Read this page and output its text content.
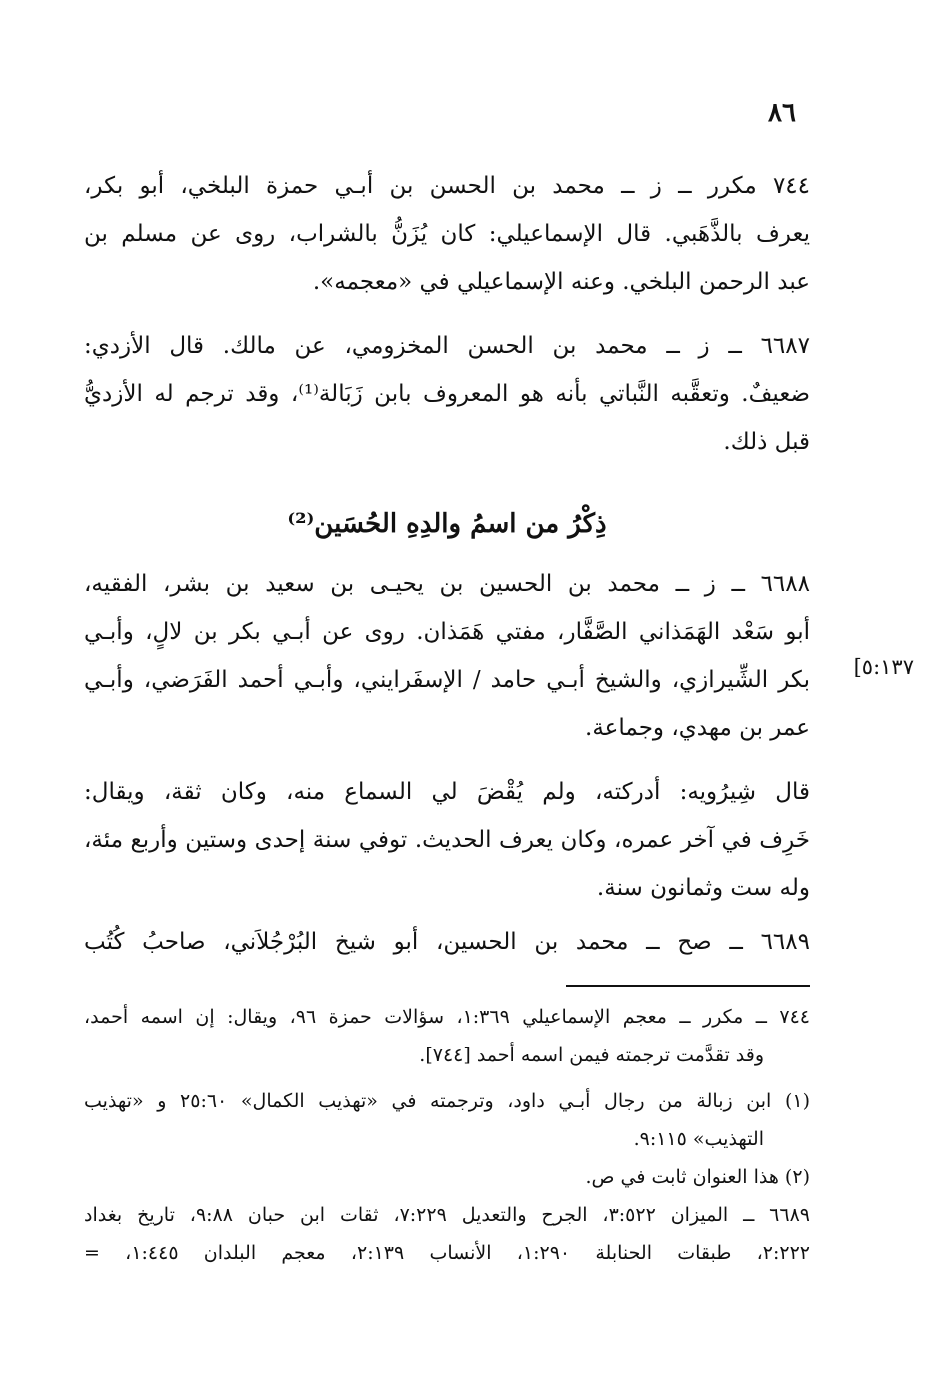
٨٦
٧٤٤ مكرر ــ ز ــ محمد بن الحسن بن أبـي حمزة البلخي، أبو بكر،
يعرف بالذَّهَبي. قال الإسماعيلي: كان يُزَنُّ بالشراب، روى عن مسلم بن
عبد الرحمن البلخي. وعنه الإسماعيلي في «معجمه».
٦٦٨٧ ــ ز ــ محمد بن الحسن المخزومي، عن مالك. قال الأزدي:
ضعيفٌ. وتعقَّبه النَّباتي بأنه هو المعروف بابن زَبَالة⁽¹⁾، وقد ترجم له الأزديُّ
قبل ذلك.
ذِكْرُ من اسمُ والدِهِ الحُسَين⁽²⁾
٦٦٨٨ ــ ز ــ محمد بن الحسين بن يحيـى بن سعيد بن بشر، الفقيه،
أبو سَعْد الهَمَذاني الصَّفَّار، مفتي هَمَذان. روى عن أبـي بكر بن لالٍ، وأبـي
بكر الشِّيرازي، والشيخ أبـي حامد / الإسفَرايني، وأبـي أحمد الفَرَضي، وأبـي
عمر بن مهدي، وجماعة.
[٥:١٣٧
قال شِيرُويه: أدركته، ولم يُقْضَ لي السماع منه، وكان ثقة، ويقال:
خَرِف في آخر عمره، وكان يعرف الحديث. توفي سنة إحدى وستين وأربع مئة،
وله ست وثمانون سنة.
٦٦٨٩ ــ صح ــ محمد بن الحسين، أبو شيخ البُرْجُلاَني، صاحبُ كُتُب
٧٤٤ ــ مكرر ــ معجم الإسماعيلي ١:٣٦٩، سؤالات حمزة ٩٦، ويقال: إن اسمه أحمد،
وقد تقدَّمت ترجمته فيمن اسمه أحمد [٧٤٤].
(١) ابن زبالة من رجال أبـي داود، وترجمته في «تهذيب الكمال» ٢٥:٦٠ و «تهذيب
التهذيب» ٩:١١٥.
(٢) هذا العنوان ثابت في ص.
٦٦٨٩ ــ الميزان ٣:٥٢٢، الجرح والتعديل ٧:٢٢٩، ثقات ابن حبان ٩:٨٨، تاريخ بغداد
٢:٢٢٢، طبقات الحنابلة ١:٢٩٠، الأنساب ٢:١٣٩، معجم البلدان ١:٤٤٥، =
